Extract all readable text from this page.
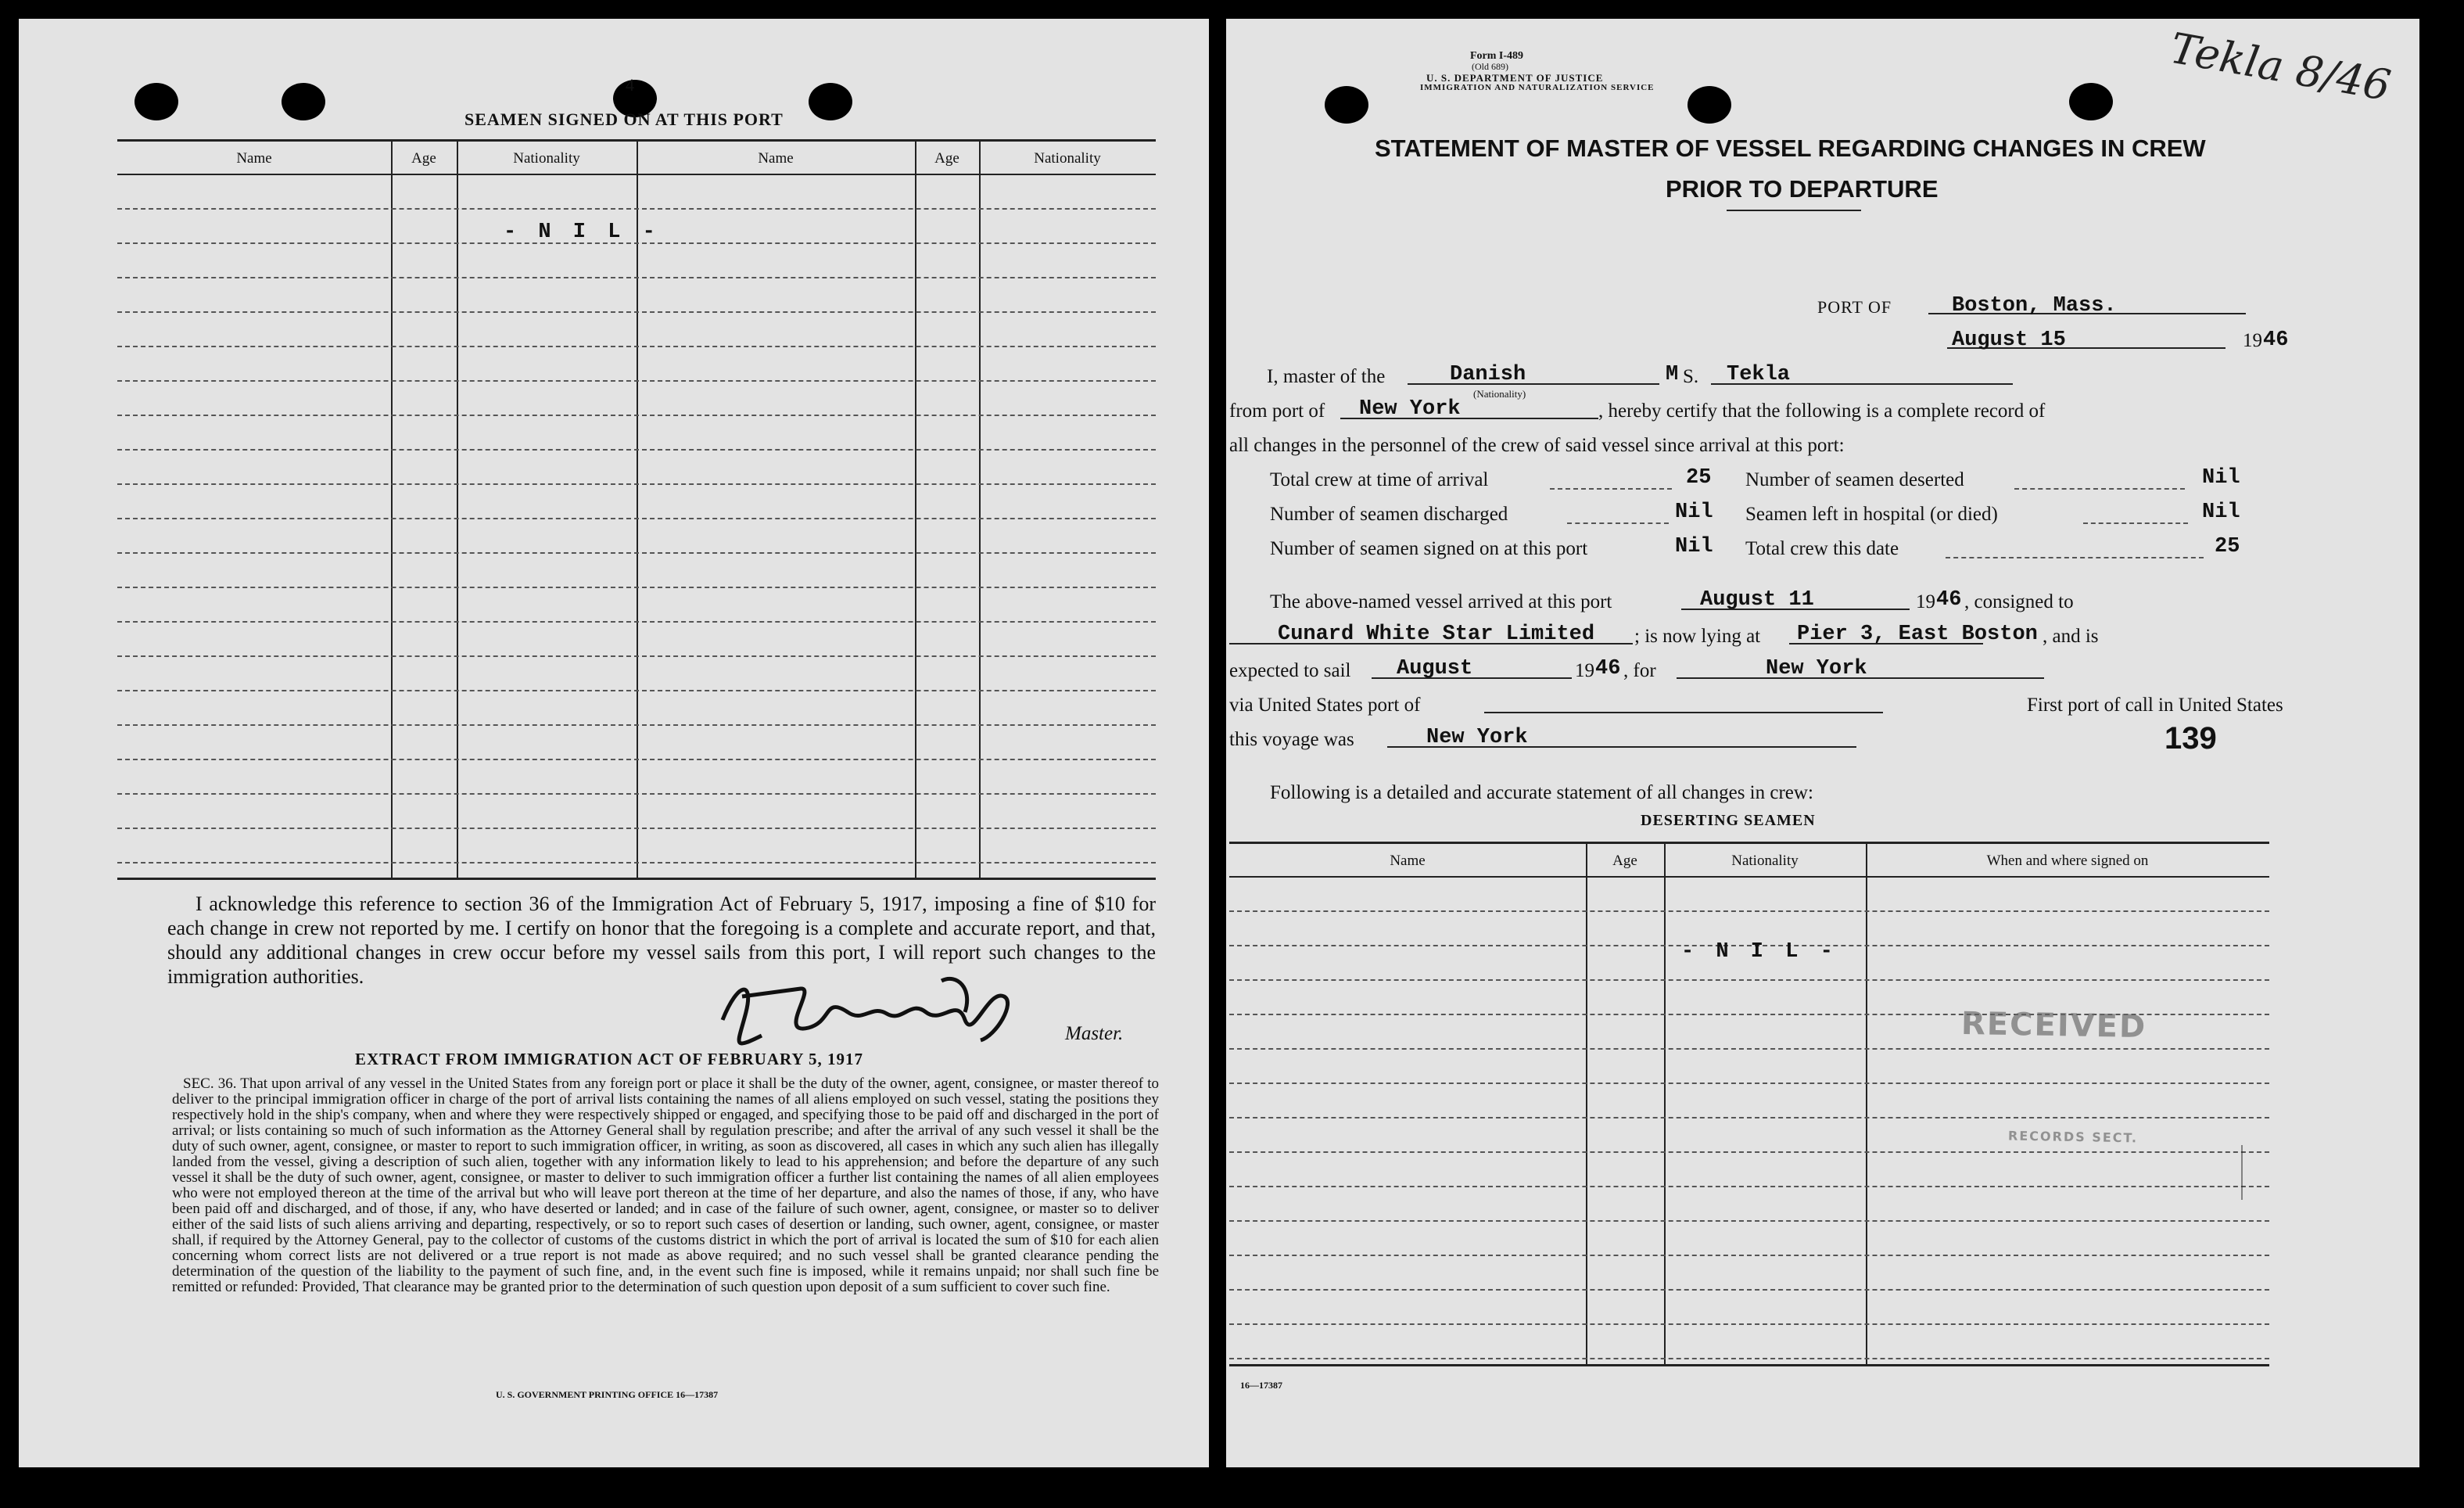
4
SEAMEN SIGNED ON AT THIS PORT
Name	Age	Nationality	Name	Age	Nationality
- N I L -
I acknowledge this reference to section 36 of the Immigration Act of February 5, 1917, imposing a fine of $10 for each change in crew not reported by me. I certify on honor that the foregoing is a complete and accurate report, and that, should any additional changes in crew occur before my vessel sails from this port, I will report such changes to the immigration authorities.
Master.
EXTRACT FROM IMMIGRATION ACT OF FEBRUARY 5, 1917
SEC. 36. That upon arrival of any vessel in the United States from any foreign port or place it shall be the duty of the owner, agent, consignee, or master thereof to deliver to the principal immigration officer in charge of the port of arrival lists containing the names of all aliens employed on such vessel, stating the positions they respectively hold in the ship's company, when and where they were respectively shipped or engaged, and specifying those to be paid off and discharged in the port of arrival; or lists containing so much of such information as the Attorney General shall by regulation prescribe; and after the arrival of any such vessel it shall be the duty of such owner, agent, consignee, or master to report to such immigration officer, in writing, as soon as discovered, all cases in which any such alien has illegally landed from the vessel, giving a description of such alien, together with any information likely to lead to his apprehension; and before the departure of any such vessel it shall be the duty of such owner, agent, consignee, or master to deliver to such immigration officer a further list containing the names of all alien employees who were not employed thereon at the time of the arrival but who will leave port thereon at the time of her departure, and also the names of those, if any, who have been paid off and discharged, and of those, if any, who have deserted or landed; and in case of the failure of such owner, agent, consignee, or master so to deliver either of the said lists of such aliens arriving and departing, respectively, or so to report such cases of desertion or landing, such owner, agent, consignee, or master shall, if required by the Attorney General, pay to the collector of customs of the customs district in which the port of arrival is located the sum of $10 for each alien concerning whom correct lists are not delivered or a true report is not made as above required; and no such vessel shall be granted clearance pending the determination of the question of the liability to the payment of such fine, and, in the event such fine is imposed, while it remains unpaid; nor shall such fine be remitted or refunded: Provided, That clearance may be granted prior to the determination of such question upon deposit of a sum sufficient to cover such fine.
U. S. GOVERNMENT PRINTING OFFICE 16—17387
Form I-489
(Old 689)
U. S. DEPARTMENT OF JUSTICE
IMMIGRATION AND NATURALIZATION SERVICE	Tekla 8/46
STATEMENT OF MASTER OF VESSEL REGARDING CHANGES IN CREW
PRIOR TO DEPARTURE
PORT OF	Boston, Mass.
August 15	19 46
I, master of the	Danish
(Nationality)
M S. Tekla
from port of New York	, hereby certify that the following is a complete record of
all changes in the personnel of the crew of said vessel since arrival at this port:
Total crew at time of arrival	25
Number of seamen discharged	Nil
Number of seamen signed on at this port	Nil
Number of seamen deserted	Nil
Seamen left in hospital (or died)	Nil
Total crew this date	25
The above-named vessel arrived at this port	August 11	19 46 , consigned to
Cunard White Star Limited ; is now lying at Pier 3, East Boston , and is
expected to sail August	19 46 , for	New York
via United States port of	First port of call in United States
this voyage was	New York	139
Following is a detailed and accurate statement of all changes in crew:
DESERTING SEAMEN
Name	Age	Nationality	When and where signed on
- N I L -
RECEIVED
RECORDS SECT.
16—17387
